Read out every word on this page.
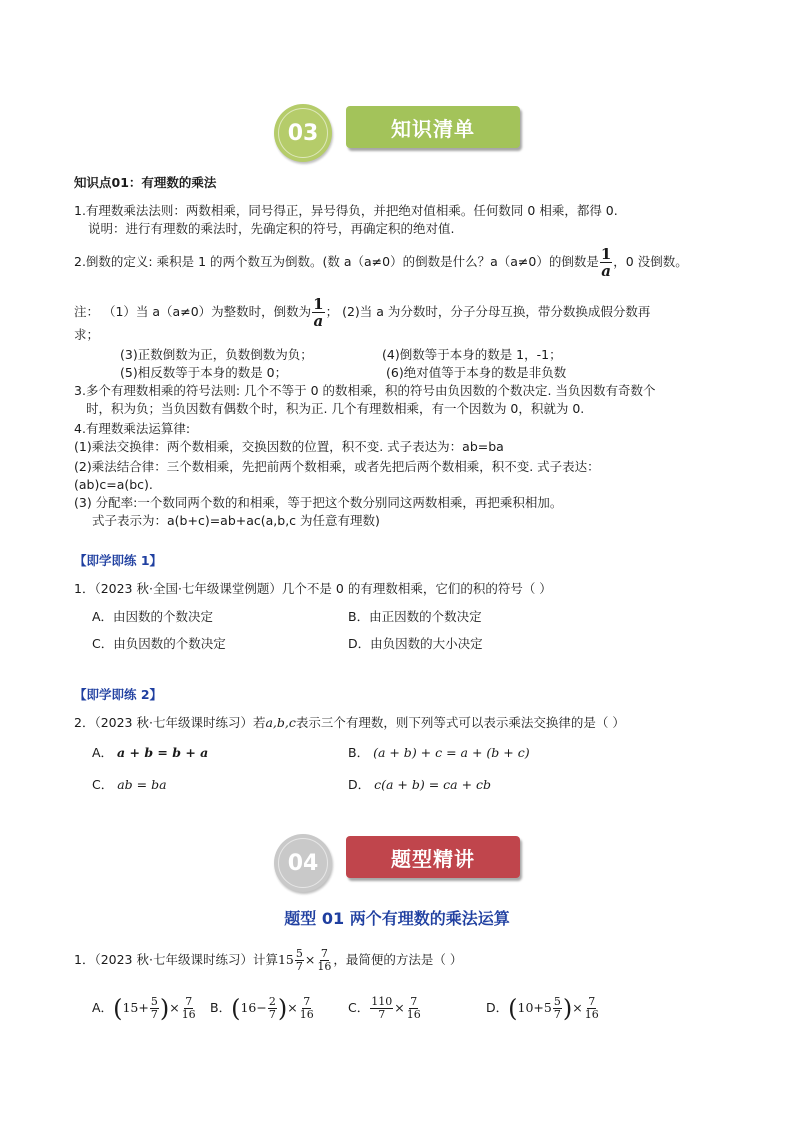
03	知识清单
知识点01：有理数的乘法
1.有理数乘法法则：两数相乘，同号得正，异号得负，并把绝对值相乘。任何数同 0 相乘，都得 0.
说明：进行有理数的乘法时，先确定积的符号，再确定积的绝对值.
2.倒数的定义: 乘积是 1 的两个数互为倒数。(数 a（a≠0）的倒数是什么？a（a≠0）的倒数是 $\frac{1}{a}$ ，0 没倒数。
注： （1）当 a（a≠0）为整数时，倒数为 $\frac{1}{a}$ ； (2)当 a 为分数时，分子分母互换，带分数换成假分数再
求；
(3)正数倒数为正，负数倒数为负；	(4)倒数等于本身的数是 1，-1；
(5)相反数等于本身的数是 0；	(6)绝对值等于本身的数是非负数
3.多个有理数相乘的符号法则: 几个不等于 0 的数相乘，积的符号由负因数的个数决定. 当负因数有奇数个
时，积为负；当负因数有偶数个时，积为正. 几个有理数相乘，有一个因数为 0，积就为 0.
4.有理数乘法运算律:
(1)乘法交换律：两个数相乘，交换因数的位置，积不变. 式子表达为：ab=ba
(2)乘法结合律：三个数相乘，先把前两个数相乘，或者先把后两个数相乘，积不变. 式子表达：
(ab)c=a(bc).
(3) 分配率:一个数同两个数的和相乘，等于把这个数分别同这两数相乘，再把乘积相加。
式子表示为：a(b+c)=ab+ac(a,b,c 为任意有理数)
【即学即练 1】
1．（2023 秋·全国·七年级课堂例题）几个不是 0 的有理数相乘，它们的积的符号（ ）
A．由因数的个数决定	B．由正因数的个数决定
C．由负因数的个数决定	D．由负因数的大小决定
【即学即练 2】
2．（2023 秋·七年级课时练习）若a,b,c表示三个有理数，则下列等式可以表示乘法交换律的是（ ）
A． a + b = b + a	B． (a + b) + c = a + (b + c)
C． ab = ba	D． c(a + b) = ca + cb
04	题型精讲
题型 01 两个有理数的乘法运算
1．（2023 秋·七年级课时练习）计算$15 \frac{5}{7} \times \frac{7}{16}$ ，最简便的方法是（ ）
A．($15+ \frac{5}{7}$ )× $\frac{7}{16}$ B．($16- \frac{2}{7}$ )× $\frac{7}{16}$	C． $\frac{110}{7} \times \frac{7}{16}$	D．($10+5 \frac{5}{7}$ )× $\frac{7}{16}$
